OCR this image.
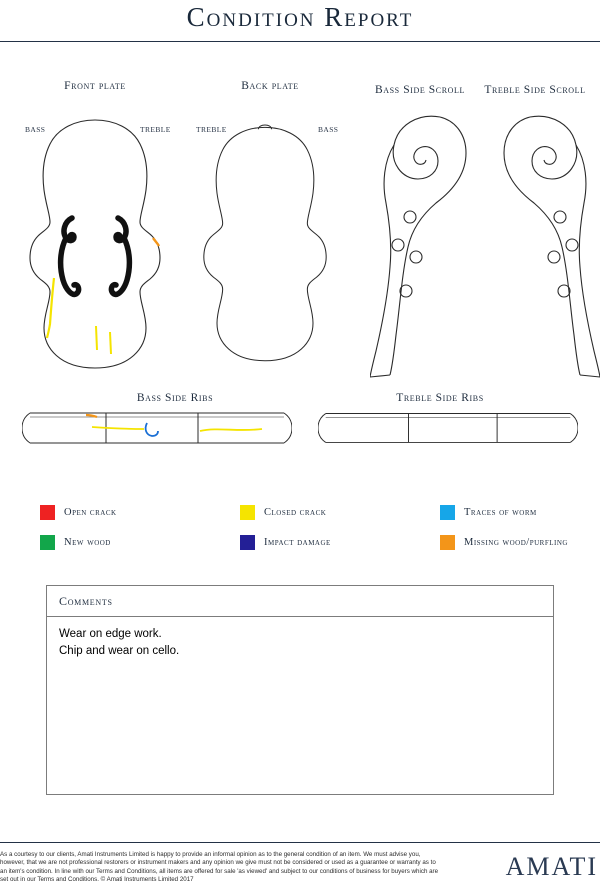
Condition Report
Front plate	Back plate	Bass Side Scroll	Treble Side Scroll
BASS	TREBLE	TREBLE	BASS
Bass Side Ribs	Treble Side Ribs
Open crack	Closed crack	Traces of worm
New wood	Impact damage	Missing wood/purfling
Comments
Wear on edge work.
Chip and wear on cello.
As a courtesy to our clients, Amati Instruments Limited is happy to provide an informal opinion as to the general condition of an item. We must advise you, however, that we are not professional restorers or instrument makers and any opinion we give must not be considered or used as a guarantee or warranty as to an item's condition. In line with our Terms and Conditions, all items are offered for sale 'as viewed' and subject to our conditions of business for buyers which are set out in our Terms and Conditions. © Amati Instruments Limited 2017	AMATI
